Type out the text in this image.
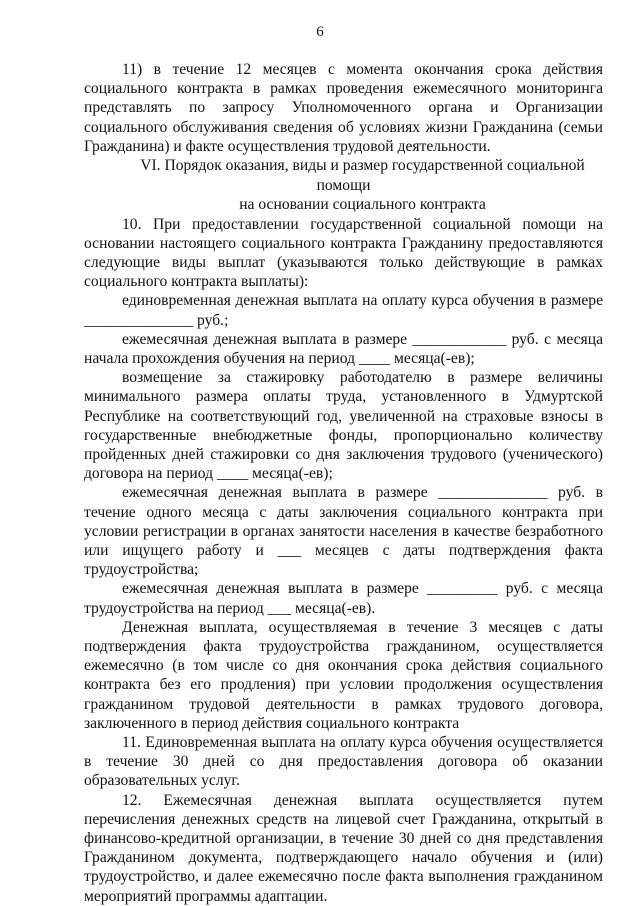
6

11) в течение 12 месяцев с момента окончания срока действия социального контракта в рамках проведения ежемесячного мониторинга представлять по запросу Уполномоченного органа и Организации социального обслуживания сведения об условиях жизни Гражданина (семьи Гражданина) и факте осуществления трудовой деятельности.

VI. Порядок оказания, виды и размер государственной социальной помощи
на основании социального контракта

10. При предоставлении государственной социальной помощи на основании настоящего социального контракта Гражданину предоставляются следующие виды выплат (указываются только действующие в рамках социального контракта выплаты):

единовременная денежная выплата на оплату курса обучения в размере ______________ руб.;

ежемесячная денежная выплата в размере ____________ руб. с месяца начала прохождения обучения на период ____ месяца(-ев);

возмещение за стажировку работодателю в размере величины минимального размера оплаты труда, установленного в Удмуртской Республике на соответствующий год, увеличенной на страховые взносы в государственные внебюджетные фонды, пропорционально количеству пройденных дней стажировки со дня заключения трудового (ученического) договора на период ____ месяца(-ев);

ежемесячная денежная выплата в размере ______________ руб. в течение одного месяца с даты заключения социального контракта при условии регистрации в органах занятости населения в качестве безработного или ищущего работу и ___ месяцев с даты подтверждения факта трудоустройства;

ежемесячная денежная выплата в размере _________ руб. с месяца трудоустройства на период ___ месяца(-ев).

Денежная выплата, осуществляемая в течение 3 месяцев с даты подтверждения факта трудоустройства гражданином, осуществляется ежемесячно (в том числе со дня окончания срока действия социального контракта без его продления) при условии продолжения осуществления гражданином трудовой деятельности в рамках трудового договора, заключенного в период действия социального контракта

11. Единовременная выплата на оплату курса обучения осуществляется в течение 30 дней со дня предоставления договора об оказании образовательных услуг.

12. Ежемесячная денежная выплата осуществляется путем перечисления денежных средств на лицевой счет Гражданина, открытый в финансово-кредитной организации, в течение 30 дней со дня представления Гражданином документа, подтверждающего начало обучения и (или) трудоустройство, и далее ежемесячно после факта выполнения гражданином мероприятий программы адаптации.
